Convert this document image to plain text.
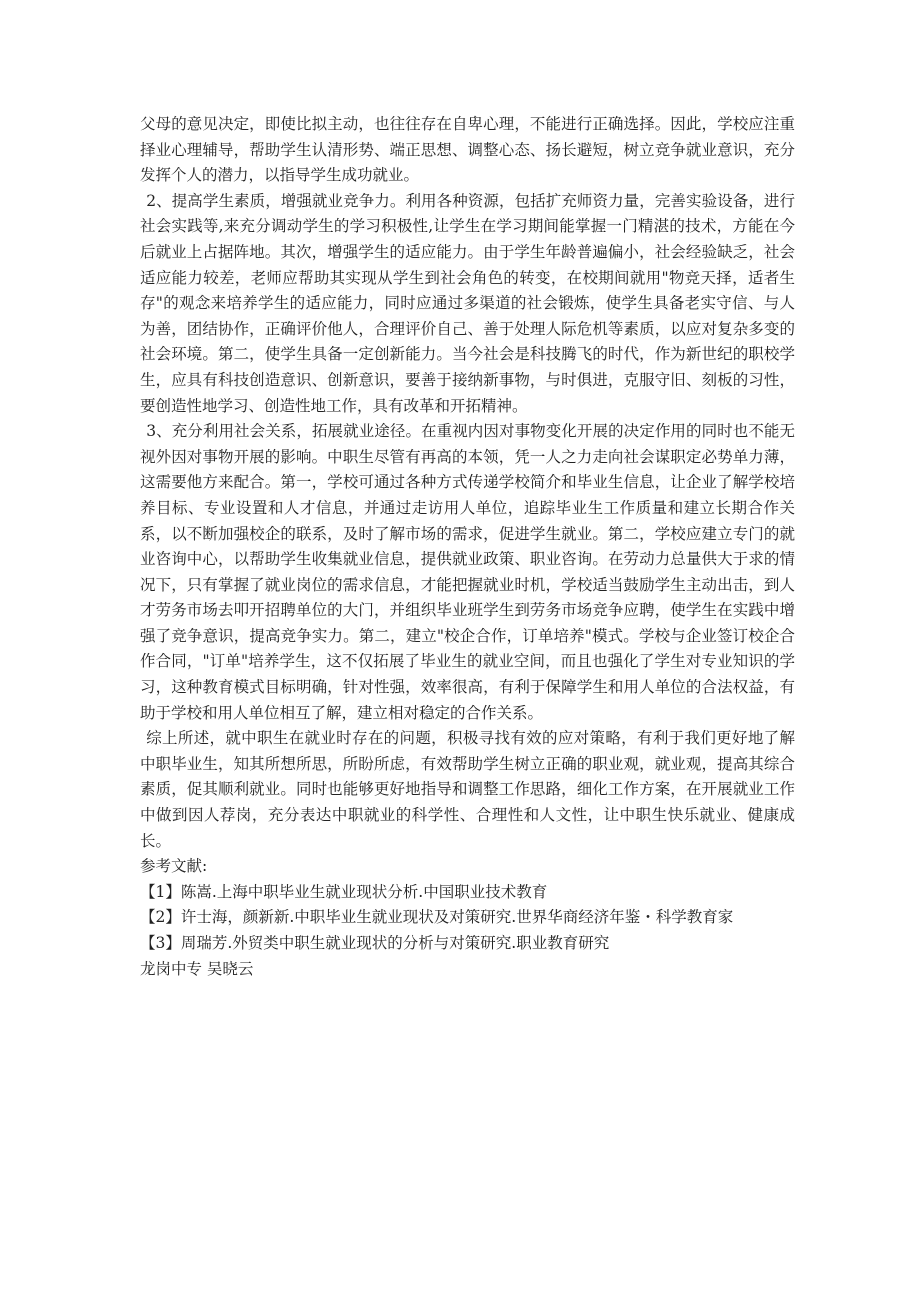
父母的意见决定，即使比拟主动，也往往存在自卑心理，不能进行正确选择。因此，学校应注重择业心理辅导，帮助学生认清形势、端正思想、调整心态、扬长避短，树立竞争就业意识，充分发挥个人的潜力，以指导学生成功就业。

2、提高学生素质，增强就业竞争力。利用各种资源，包括扩充师资力量，完善实验设备，进行社会实践等,来充分调动学生的学习积极性,让学生在学习期间能掌握一门精湛的技术，方能在今后就业上占据阵地。其次，增强学生的适应能力。由于学生年龄普遍偏小，社会经验缺乏，社会适应能力较差，老师应帮助其实现从学生到社会角色的转变，在校期间就用"物竞天择，适者生存"的观念来培养学生的适应能力，同时应通过多渠道的社会锻炼，使学生具备老实守信、与人为善，团结协作，正确评价他人，合理评价自己、善于处理人际危机等素质，以应对复杂多变的社会环境。第二，使学生具备一定创新能力。当今社会是科技腾飞的时代，作为新世纪的职校学生，应具有科技创造意识、创新意识，要善于接纳新事物，与时俱进，克服守旧、刻板的习性，要创造性地学习、创造性地工作，具有改革和开拓精神。

3、充分利用社会关系，拓展就业途径。在重视内因对事物变化开展的决定作用的同时也不能无视外因对事物开展的影响。中职生尽管有再高的本领，凭一人之力走向社会谋职定必势单力薄，这需要他方来配合。第一，学校可通过各种方式传递学校简介和毕业生信息，让企业了解学校培养目标、专业设置和人才信息，并通过走访用人单位，追踪毕业生工作质量和建立长期合作关系，以不断加强校企的联系，及时了解市场的需求，促进学生就业。第二，学校应建立专门的就业咨询中心，以帮助学生收集就业信息，提供就业政策、职业咨询。在劳动力总量供大于求的情况下，只有掌握了就业岗位的需求信息，才能把握就业时机，学校适当鼓励学生主动出击，到人才劳务市场去叩开招聘单位的大门，并组织毕业班学生到劳务市场竞争应聘，使学生在实践中增强了竞争意识，提高竞争实力。第二，建立"校企合作，订单培养"模式。学校与企业签订校企合作合同，"订单"培养学生，这不仅拓展了毕业生的就业空间，而且也强化了学生对专业知识的学习，这种教育模式目标明确，针对性强，效率很高，有利于保障学生和用人单位的合法权益，有助于学校和用人单位相互了解，建立相对稳定的合作关系。

综上所述，就中职生在就业时存在的问题，积极寻找有效的应对策略，有利于我们更好地了解中职毕业生，知其所想所思，所盼所虑，有效帮助学生树立正确的职业观，就业观，提高其综合素质，促其顺利就业。同时也能够更好地指导和调整工作思路，细化工作方案，在开展就业工作中做到因人荐岗，充分表达中职就业的科学性、合理性和人文性，让中职生快乐就业、健康成长。

参考文献:

【1】陈嵩.上海中职毕业生就业现状分析.中国职业技术教育

【2】许士海，颜新新.中职毕业生就业现状及对策研究.世界华商经济年鉴・科学教育家

【3】周瑞芳.外贸类中职生就业现状的分析与对策研究.职业教育研究

龙岗中专 吴晓云
